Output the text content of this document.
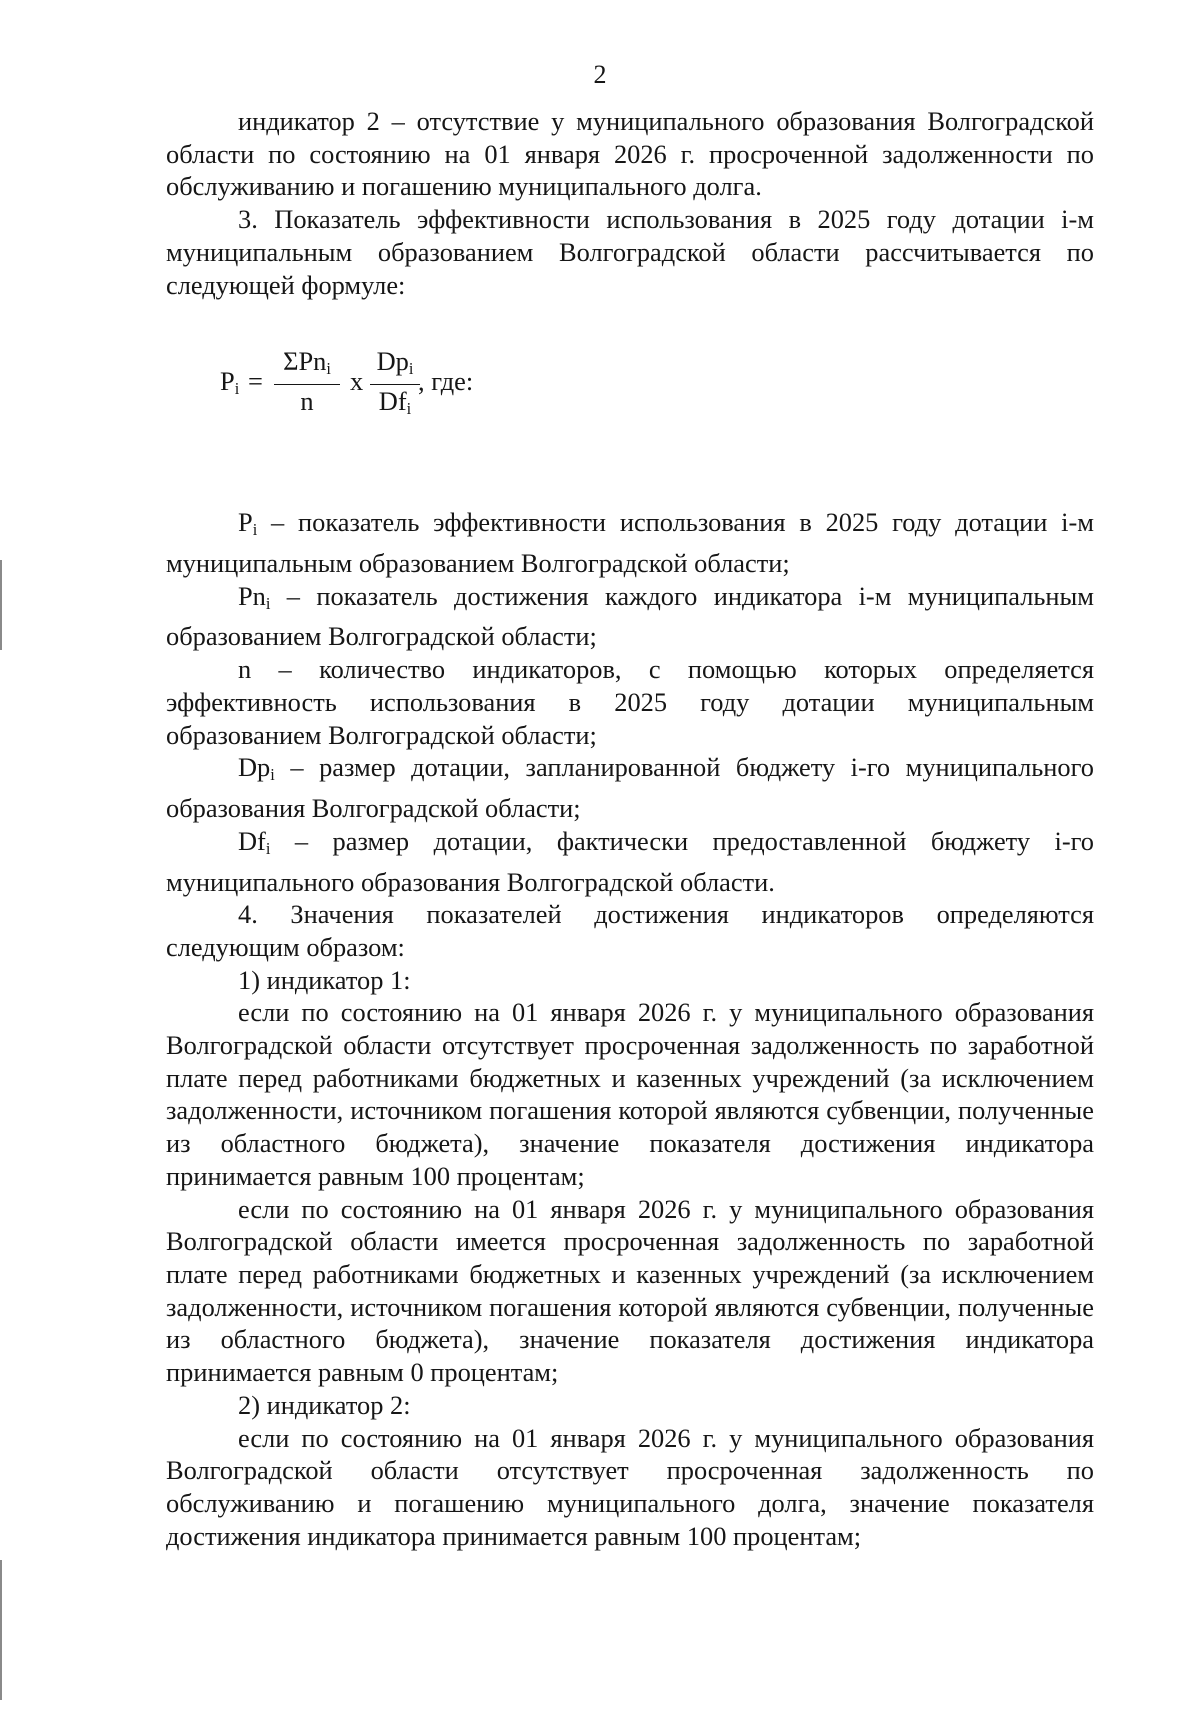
2

индикатор 2 – отсутствие у муниципального образования Волгоградской области по состоянию на 01 января 2026 г. просроченной задолженности по обслуживанию и погашению муниципального долга.

3. Показатель эффективности использования в 2025 году дотации i-м муниципальным образованием Волгоградской области рассчитывается по следующей формуле:

$P_i$ =
ΣPn$_i$
n
x
$Dp_i$
$Df_i$
, где:

$P_i$ – показатель эффективности использования в 2025 году дотации i-м муниципальным образованием Волгоградской области;

$Pn_i$ – показатель достижения каждого индикатора i-м муниципальным образованием Волгоградской области;

n – количество индикаторов, с помощью которых определяется эффективность использования в 2025 году дотации муниципальным образованием Волгоградской области;

$Dp_i$ – размер дотации, запланированной бюджету i-го муниципального образования Волгоградской области;

$Df_i$ – размер дотации, фактически предоставленной бюджету i-го муниципального образования Волгоградской области.

4. Значения показателей достижения индикаторов определяются следующим образом:

1) индикатор 1:

если по состоянию на 01 января 2026 г. у муниципального образования Волгоградской области отсутствует просроченная задолженность по заработной плате перед работниками бюджетных и казенных учреждений (за исключением задолженности, источником погашения которой являются субвенции, полученные из областного бюджета), значение показателя достижения индикатора принимается равным 100 процентам;

если по состоянию на 01 января 2026 г. у муниципального образования Волгоградской области имеется просроченная задолженность по заработной плате перед работниками бюджетных и казенных учреждений (за исключением задолженности, источником погашения которой являются субвенции, полученные из областного бюджета), значение показателя достижения индикатора принимается равным 0 процентам;

2) индикатор 2:

если по состоянию на 01 января 2026 г. у муниципального образования Волгоградской области отсутствует просроченная задолженность по обслуживанию и погашению муниципального долга, значение показателя достижения индикатора принимается равным 100 процентам;
